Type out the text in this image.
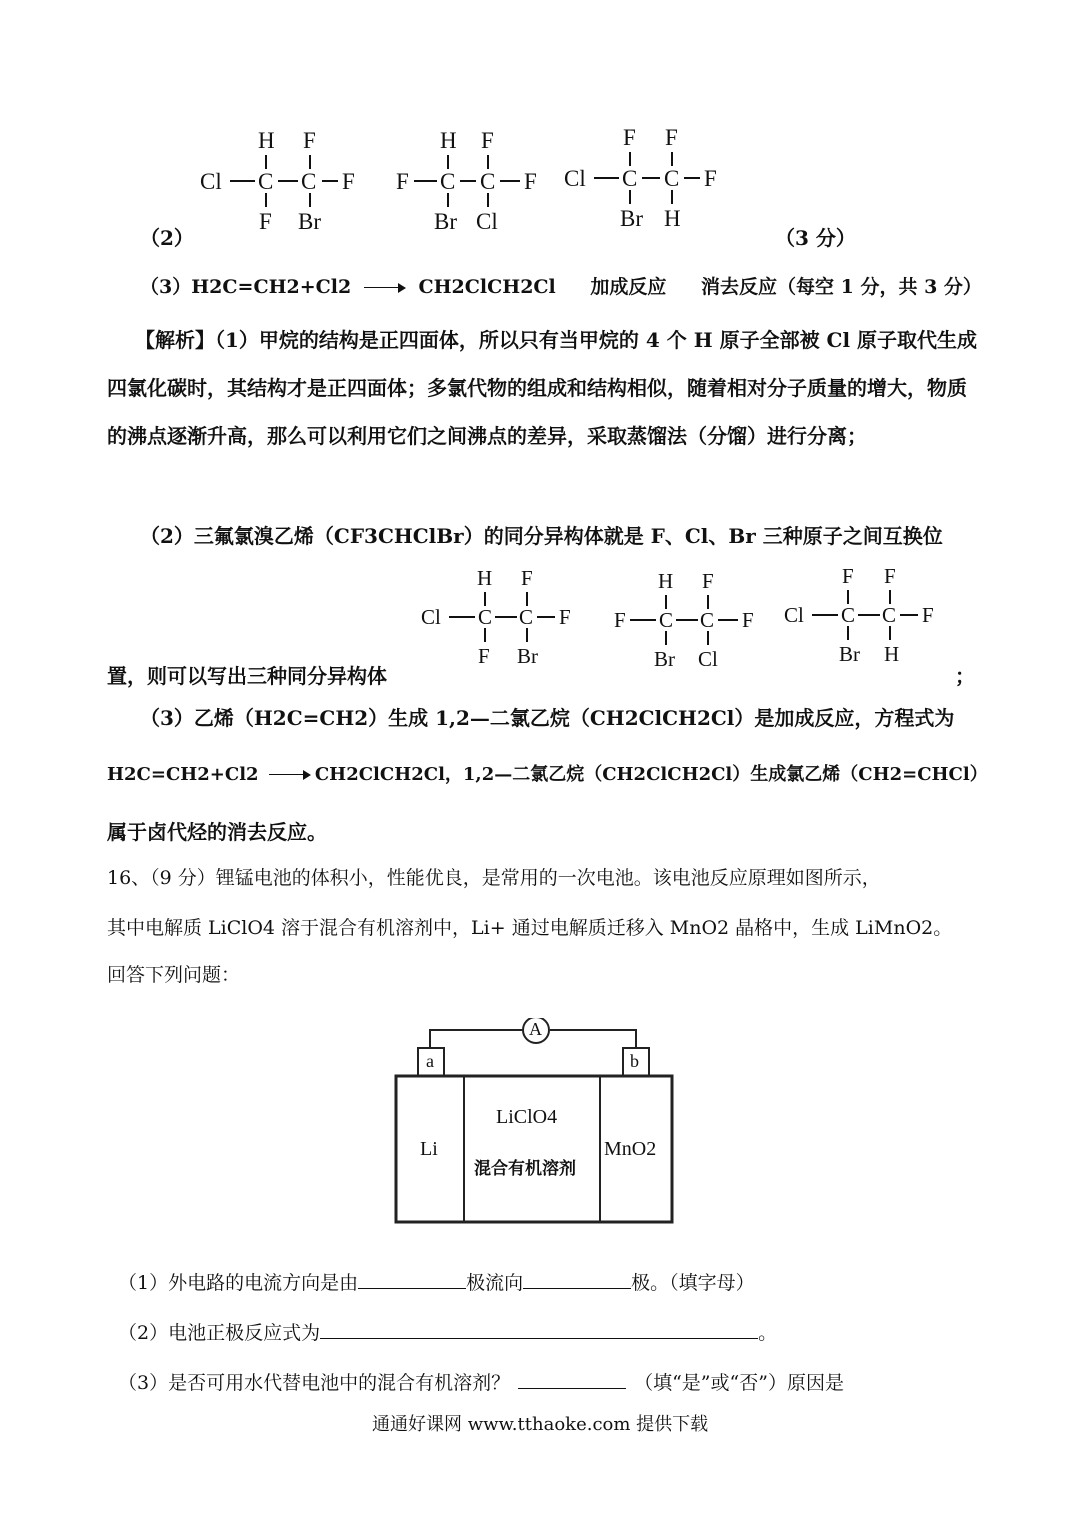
（2）
H F
Cl C C F
F Br
H F
F C C F
Br Cl
F F
Cl C C F
Br H
（3 分）
（3）H2C=CH2+Cl2	CH2ClCH2Cl 加成反应 消去反应（每空 1 分，共 3 分）
【解析】（1）甲烷的结构是正四面体，所以只有当甲烷的 4 个 H 原子全部被 Cl 原子取代生成四氯化碳时，其结构才是正四面体；多氯代物的组成和结构相似，随着相对分子质量的增大，物质的沸点逐渐升高，那么可以利用它们之间沸点的差异，采取蒸馏法（分馏）进行分离；
（2）三氟氯溴乙烯（CF3CHClBr）的同分异构体就是 F、Cl、Br 三种原子之间互换位
H F
Cl C C F
F Br
H F
F C C F
Br Cl
F F
Cl C C F
Br H
置，则可以写出三种同分异构体	；
（3）乙烯（H2C=CH2）生成 1,2—二氯乙烷（CH2ClCH2Cl）是加成反应，方程式为
H2C=CH2+Cl2	CH2ClCH2Cl，1,2—二氯乙烷（CH2ClCH2Cl）生成氯乙烯（CH2=CHCl）
属于卤代烃的消去反应。
16、（9 分）锂锰电池的体积小，性能优良，是常用的一次电池。该电池反应原理如图所示，
其中电解质 LiClO4 溶于混合有机溶剂中，Li+ 通过电解质迁移入 MnO2 晶格中，生成 LiMnO2。
回答下列问题：
A
a	b
Li
LiClO4
混合有机溶剂
MnO2
（1）外电路的电流方向是由	极流向	极。（填字母）
（2）电池正极反应式为	。
（3）是否可用水代替电池中的混合有机溶剂？	（填“是”或“否”）原因是
通通好课网 www.tthaoke.com 提供下载
